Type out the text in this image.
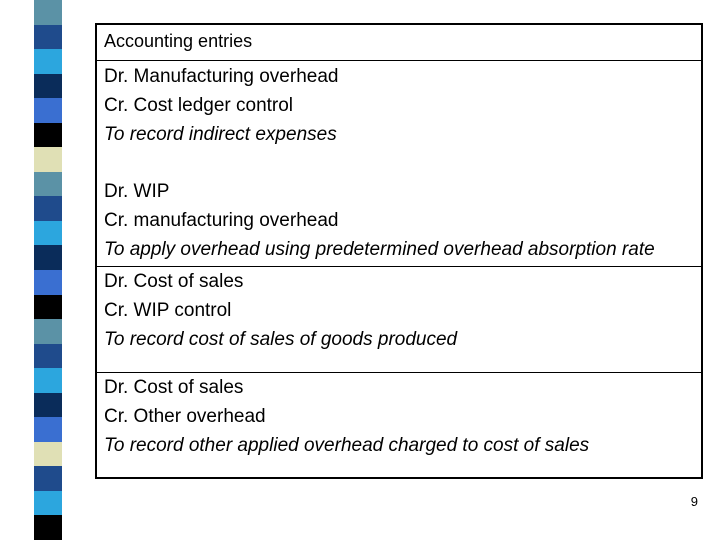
Accounting entries
Dr. Manufacturing overhead
Cr. Cost ledger control
To record indirect expenses
Dr. WIP
Cr. manufacturing overhead
To apply overhead using predetermined overhead absorption rate
Dr. Cost of sales
Cr. WIP control
To record cost of sales of goods produced
Dr. Cost of sales
Cr. Other overhead
To record other applied overhead charged to cost of sales
9
